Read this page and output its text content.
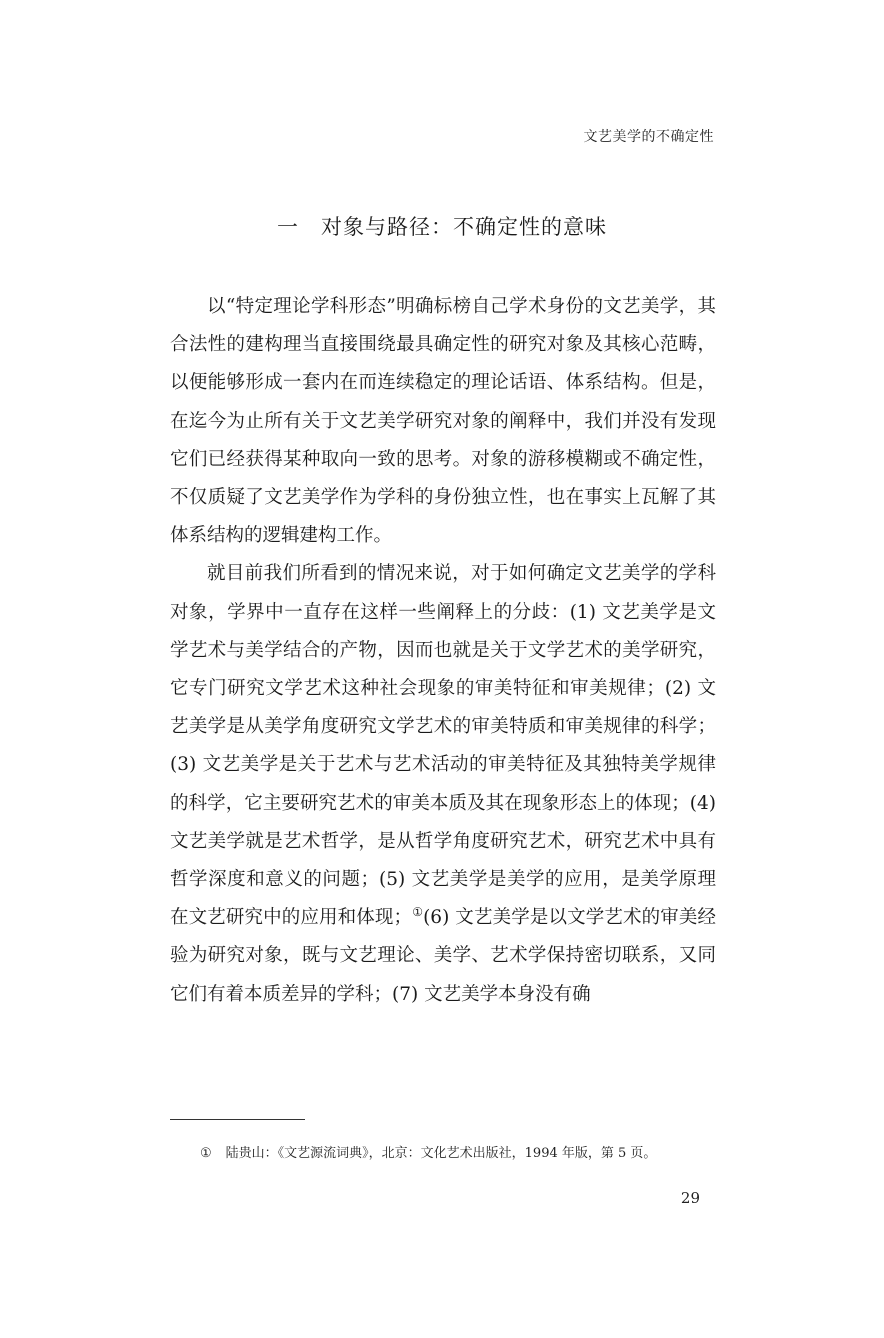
文艺美学的不确定性
一 对象与路径：不确定性的意味

以“特定理论学科形态”明确标榜自己学术身份的文艺美学，其合法性的建构理当直接围绕最具确定性的研究对象及其核心范畴，以便能够形成一套内在而连续稳定的理论话语、体系结构。但是，在迄今为止所有关于文艺美学研究对象的阐释中，我们并没有发现它们已经获得某种取向一致的思考。对象的游移模糊或不确定性，不仅质疑了文艺美学作为学科的身份独立性，也在事实上瓦解了其体系结构的逻辑建构工作。

就目前我们所看到的情况来说，对于如何确定文艺美学的学科对象，学界中一直存在这样一些阐释上的分歧：(1) 文艺美学是文学艺术与美学结合的产物，因而也就是关于文学艺术的美学研究，它专门研究文学艺术这种社会现象的审美特征和审美规律；(2) 文艺美学是从美学角度研究文学艺术的审美特质和审美规律的科学；(3) 文艺美学是关于艺术与艺术活动的审美特征及其独特美学规律的科学，它主要研究艺术的审美本质及其在现象形态上的体现；(4) 文艺美学就是艺术哲学，是从哲学角度研究艺术，研究艺术中具有哲学深度和意义的问题；(5) 文艺美学是美学的应用，是美学原理在文艺研究中的应用和体现；①(6) 文艺美学是以文学艺术的审美经验为研究对象，既与文艺理论、美学、艺术学保持密切联系，又同它们有着本质差异的学科；(7) 文艺美学本身没有确

① 陆贵山：《文艺源流词典》，北京：文化艺术出版社，1994 年版，第 5 页。
29
